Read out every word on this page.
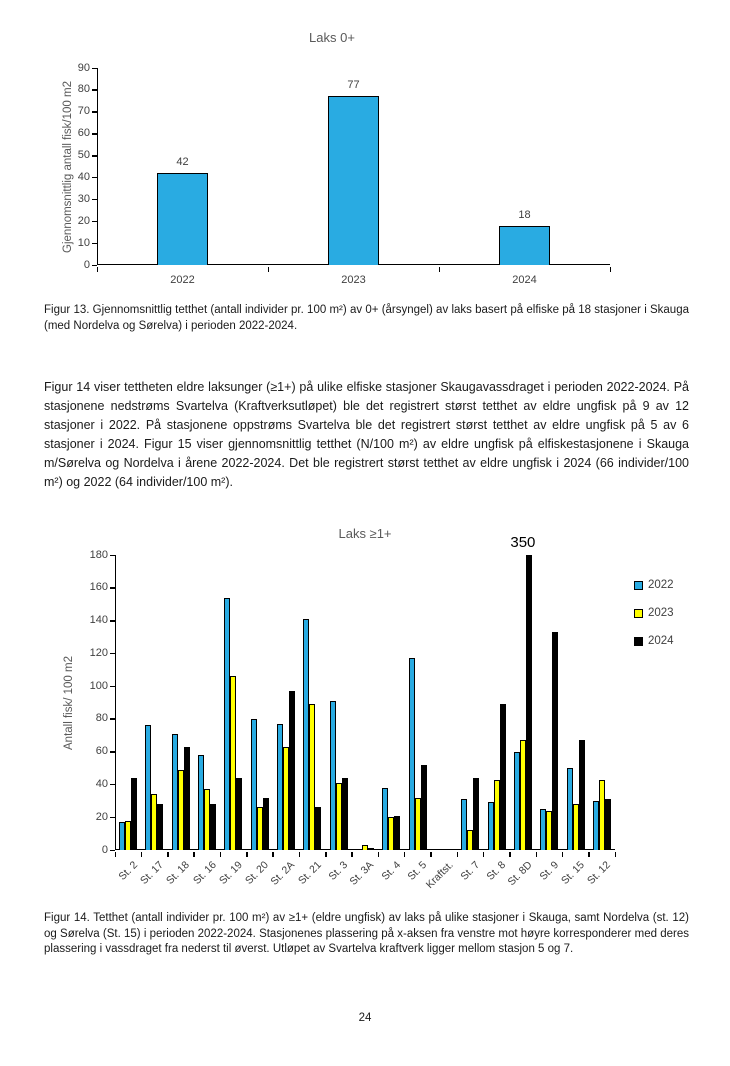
Laks 0+
Gjennomsnittlig antall fisk/100 m2
0
10
20
30
40
50
60
70
80
90
42
2022
77
2023
18
2024

Figur 13. Gjennomsnittlig tetthet (antall individer pr. 100 m²) av 0+ (årsyngel) av laks basert på elfiske på 18 stasjoner i Skauga (med Nordelva og Sørelva) i perioden 2022-2024.

Figur 14 viser tettheten eldre laksunger (≥1+) på ulike elfiske stasjoner Skaugavassdraget i perioden 2022-2024. På stasjonene nedstrøms Svartelva (Kraftverksutløpet) ble det registrert størst tetthet av eldre ungfisk på 9 av 12 stasjoner i 2022. På stasjonene oppstrøms Svartelva ble det registrert størst tetthet av eldre ungfisk på 5 av 6 stasjoner i 2024. Figur 15 viser gjennomsnittlig tetthet (N/100 m²) av eldre ungfisk på elfiskestasjonene i Skauga m/Sørelva og Nordelva i årene 2022-2024. Det ble registrert størst tetthet av eldre ungfisk i 2024 (66 individer/100 m²) og 2022 (64 individer/100 m²).

Laks ≥1+
Antall fisk/ 100 m2
0
20
40
60
80
100
120
140
160
180
St. 2
St. 17
St. 18
St. 16
St. 19
St. 20
St. 2A
St. 21 St. 3
St. 3A St. 4 St. 5
Kraftst. St. 7 St. 8
St. 8D St. 9
St. 15
St. 12
350
2022
2023
2024

Figur 14. Tetthet (antall individer pr. 100 m²) av ≥1+ (eldre ungfisk) av laks på ulike stasjoner i Skauga, samt Nordelva (st. 12) og Sørelva (St. 15) i perioden 2022-2024. Stasjonenes plassering på x-aksen fra venstre mot høyre korresponderer med deres plassering i vassdraget fra nederst til øverst. Utløpet av Svartelva kraftverk ligger mellom stasjon 5 og 7.

24
